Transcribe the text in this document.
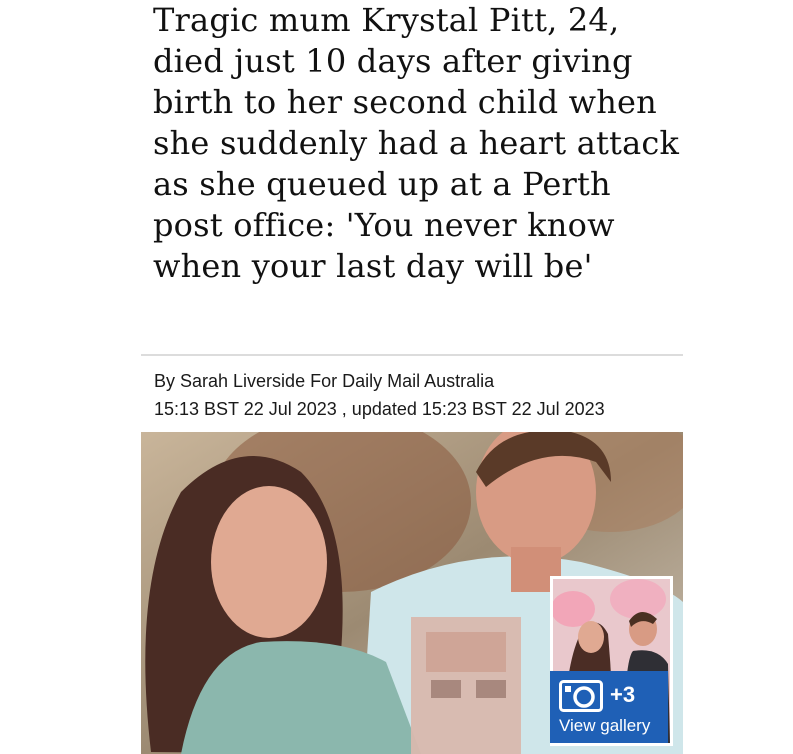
Tragic mum Krystal Pitt, 24, died just 10 days after giving birth to her second child when she suddenly had a heart attack as she queued up at a Perth post office: 'You never know when your last day will be'
By Sarah Liverside For Daily Mail Australia
15:13 BST 22 Jul 2023 , updated 15:23 BST 22 Jul 2023
+3
View gallery
